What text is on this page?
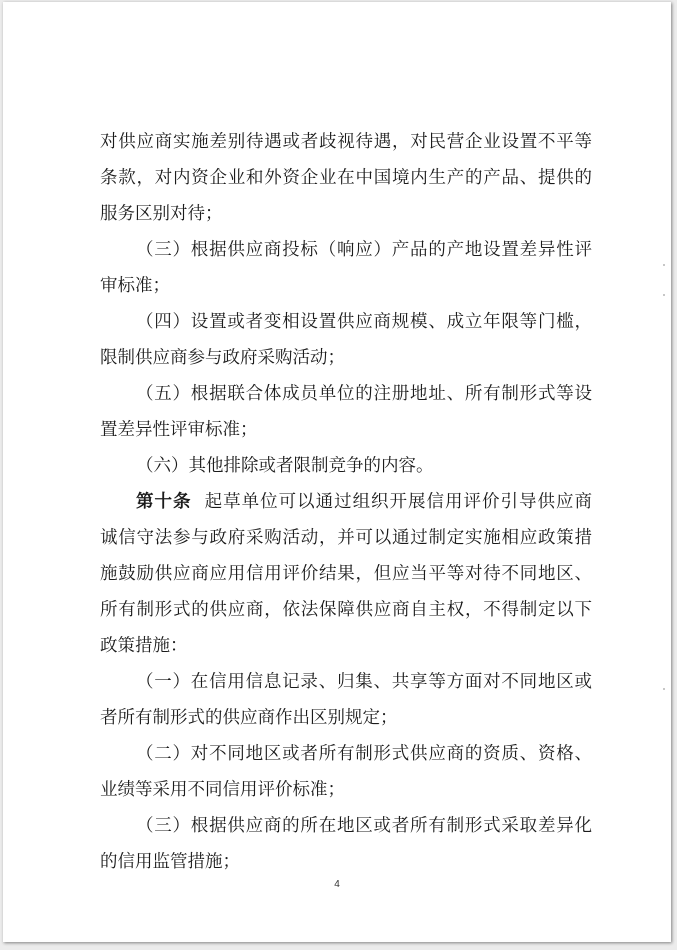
对供应商实施差别待遇或者歧视待遇，对民营企业设置不平等
条款，对内资企业和外资企业在中国境内生产的产品、提供的
服务区别对待；
（三）根据供应商投标（响应）产品的产地设置差异性评
审标准；
（四）设置或者变相设置供应商规模、成立年限等门槛，
限制供应商参与政府采购活动；
（五）根据联合体成员单位的注册地址、所有制形式等设
置差异性评审标准；
（六）其他排除或者限制竞争的内容。
第十条 起草单位可以通过组织开展信用评价引导供应商
诚信守法参与政府采购活动，并可以通过制定实施相应政策措
施鼓励供应商应用信用评价结果，但应当平等对待不同地区、
所有制形式的供应商，依法保障供应商自主权，不得制定以下
政策措施：
（一）在信用信息记录、归集、共享等方面对不同地区或
者所有制形式的供应商作出区别规定；
（二）对不同地区或者所有制形式供应商的资质、资格、
业绩等采用不同信用评价标准；
（三）根据供应商的所在地区或者所有制形式采取差异化
的信用监管措施；
4
